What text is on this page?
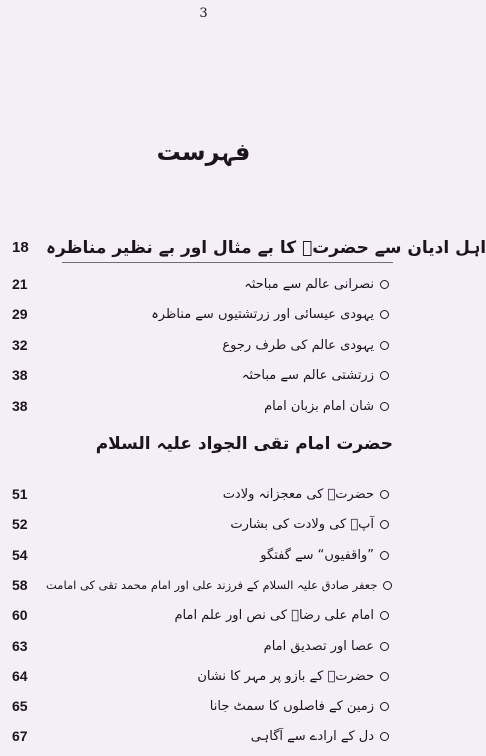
3
فہرست
18	اہل ادیان سے حضرتؑ کا بے مثال اور بے نظیر مناظرہ
21	نصرانی عالم سے مباحثہ
29	یہودی عیسائی اور زرتشتیوں سے مناظرہ
32	یہودی عالم کی طرف رجوع
38	زرتشتی عالم سے مباحثہ
38	شان امام بزبان امام
حضرت امام تقی الجواد علیہ السلام
51	حضرتؑ کی معجزانہ ولادت
52	آپؑ کی ولادت کی بشارت
54	”واقفیوں“ سے گفتگو
58	جعفر صادق علیہ السلام کے فرزند علی اور امام محمد تقی کی امامت
60	امام علی رضاؑ کی نص اور علم امام
63	عصا اور تصدیق امام
64	حضرتؑ کے بازو پر مہر کا نشان
65	زمین کے فاصلوں کا سمٹ جانا
67	دل کے ارادے سے آگاہی
